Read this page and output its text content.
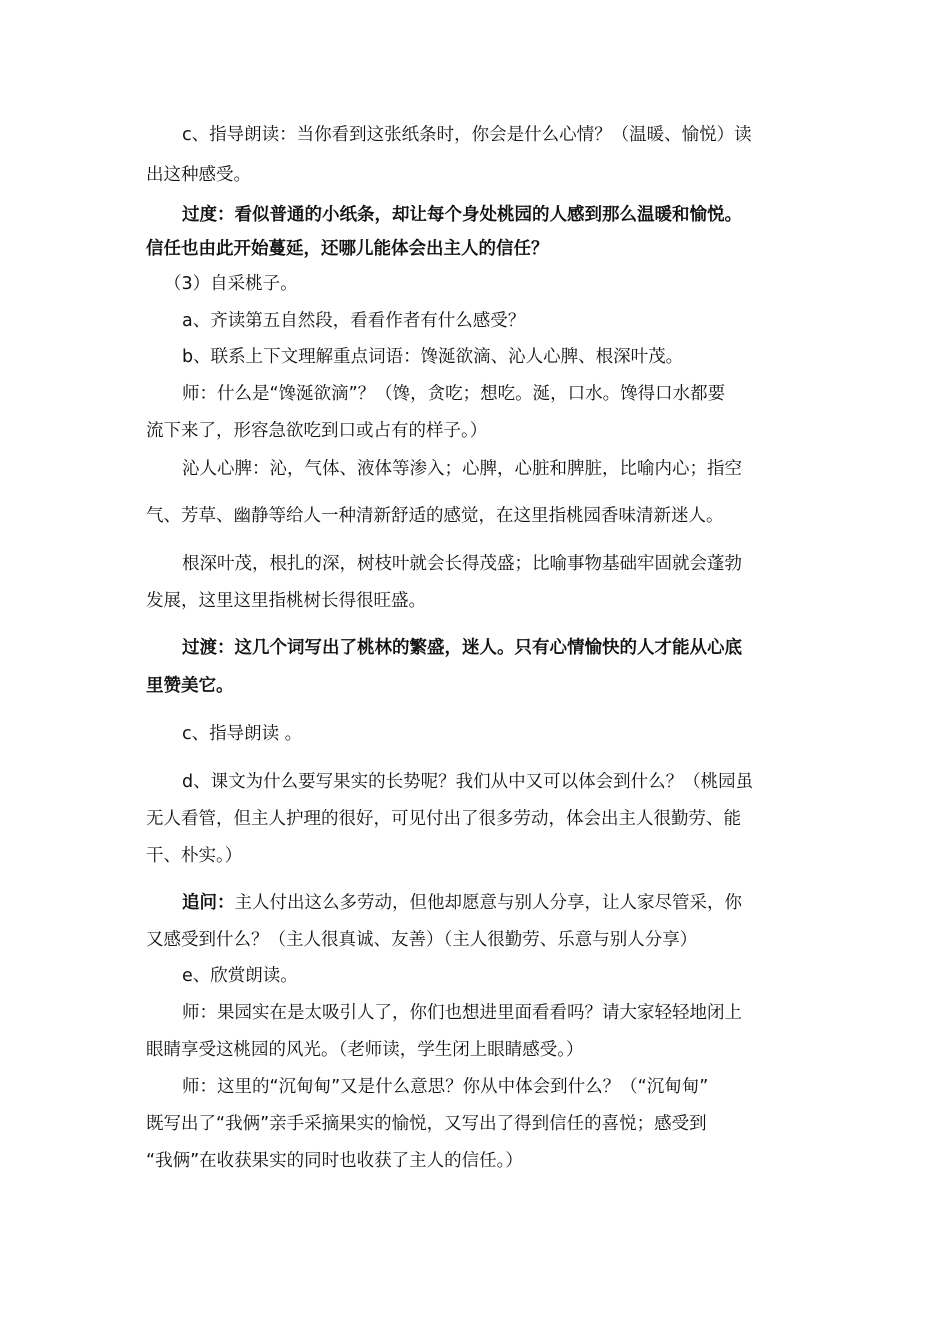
c、指导朗读：当你看到这张纸条时，你会是什么心情？（温暖、愉悦）读

出这种感受。

过度：看似普通的小纸条，却让每个身处桃园的人感到那么温暖和愉悦。

信任也由此开始蔓延，还哪儿能体会出主人的信任？

（3）自采桃子。

a、齐读第五自然段，看看作者有什么感受？

b、联系上下文理解重点词语：馋涎欲滴、沁人心脾、根深叶茂。

师：什么是“馋涎欲滴”？（馋，贪吃；想吃。涎，口水。馋得口水都要

流下来了，形容急欲吃到口或占有的样子。）

沁人心脾：沁，气体、液体等渗入；心脾，心脏和脾脏，比喻内心；指空

气、芳草、幽静等给人一种清新舒适的感觉，在这里指桃园香味清新迷人。

根深叶茂，根扎的深，树枝叶就会长得茂盛；比喻事物基础牢固就会蓬勃

发展，这里这里指桃树长得很旺盛。

过渡：这几个词写出了桃林的繁盛，迷人。只有心情愉快的人才能从心底

里赞美它。

c、指导朗读 。

d、课文为什么要写果实的长势呢？我们从中又可以体会到什么？（桃园虽

无人看管，但主人护理的很好，可见付出了很多劳动，体会出主人很勤劳、能

干、朴实。）

追问：主人付出这么多劳动，但他却愿意与别人分享，让人家尽管采，你

又感受到什么？（主人很真诚、友善）（主人很勤劳、乐意与别人分享）

e、欣赏朗读。

师：果园实在是太吸引人了，你们也想进里面看看吗？请大家轻轻地闭上

眼睛享受这桃园的风光。（老师读，学生闭上眼睛感受。）

师：这里的“沉甸甸”又是什么意思？你从中体会到什么？（“沉甸甸”

既写出了“我俩”亲手采摘果实的愉悦，又写出了得到信任的喜悦；感受到

“我俩”在收获果实的同时也收获了主人的信任。）
